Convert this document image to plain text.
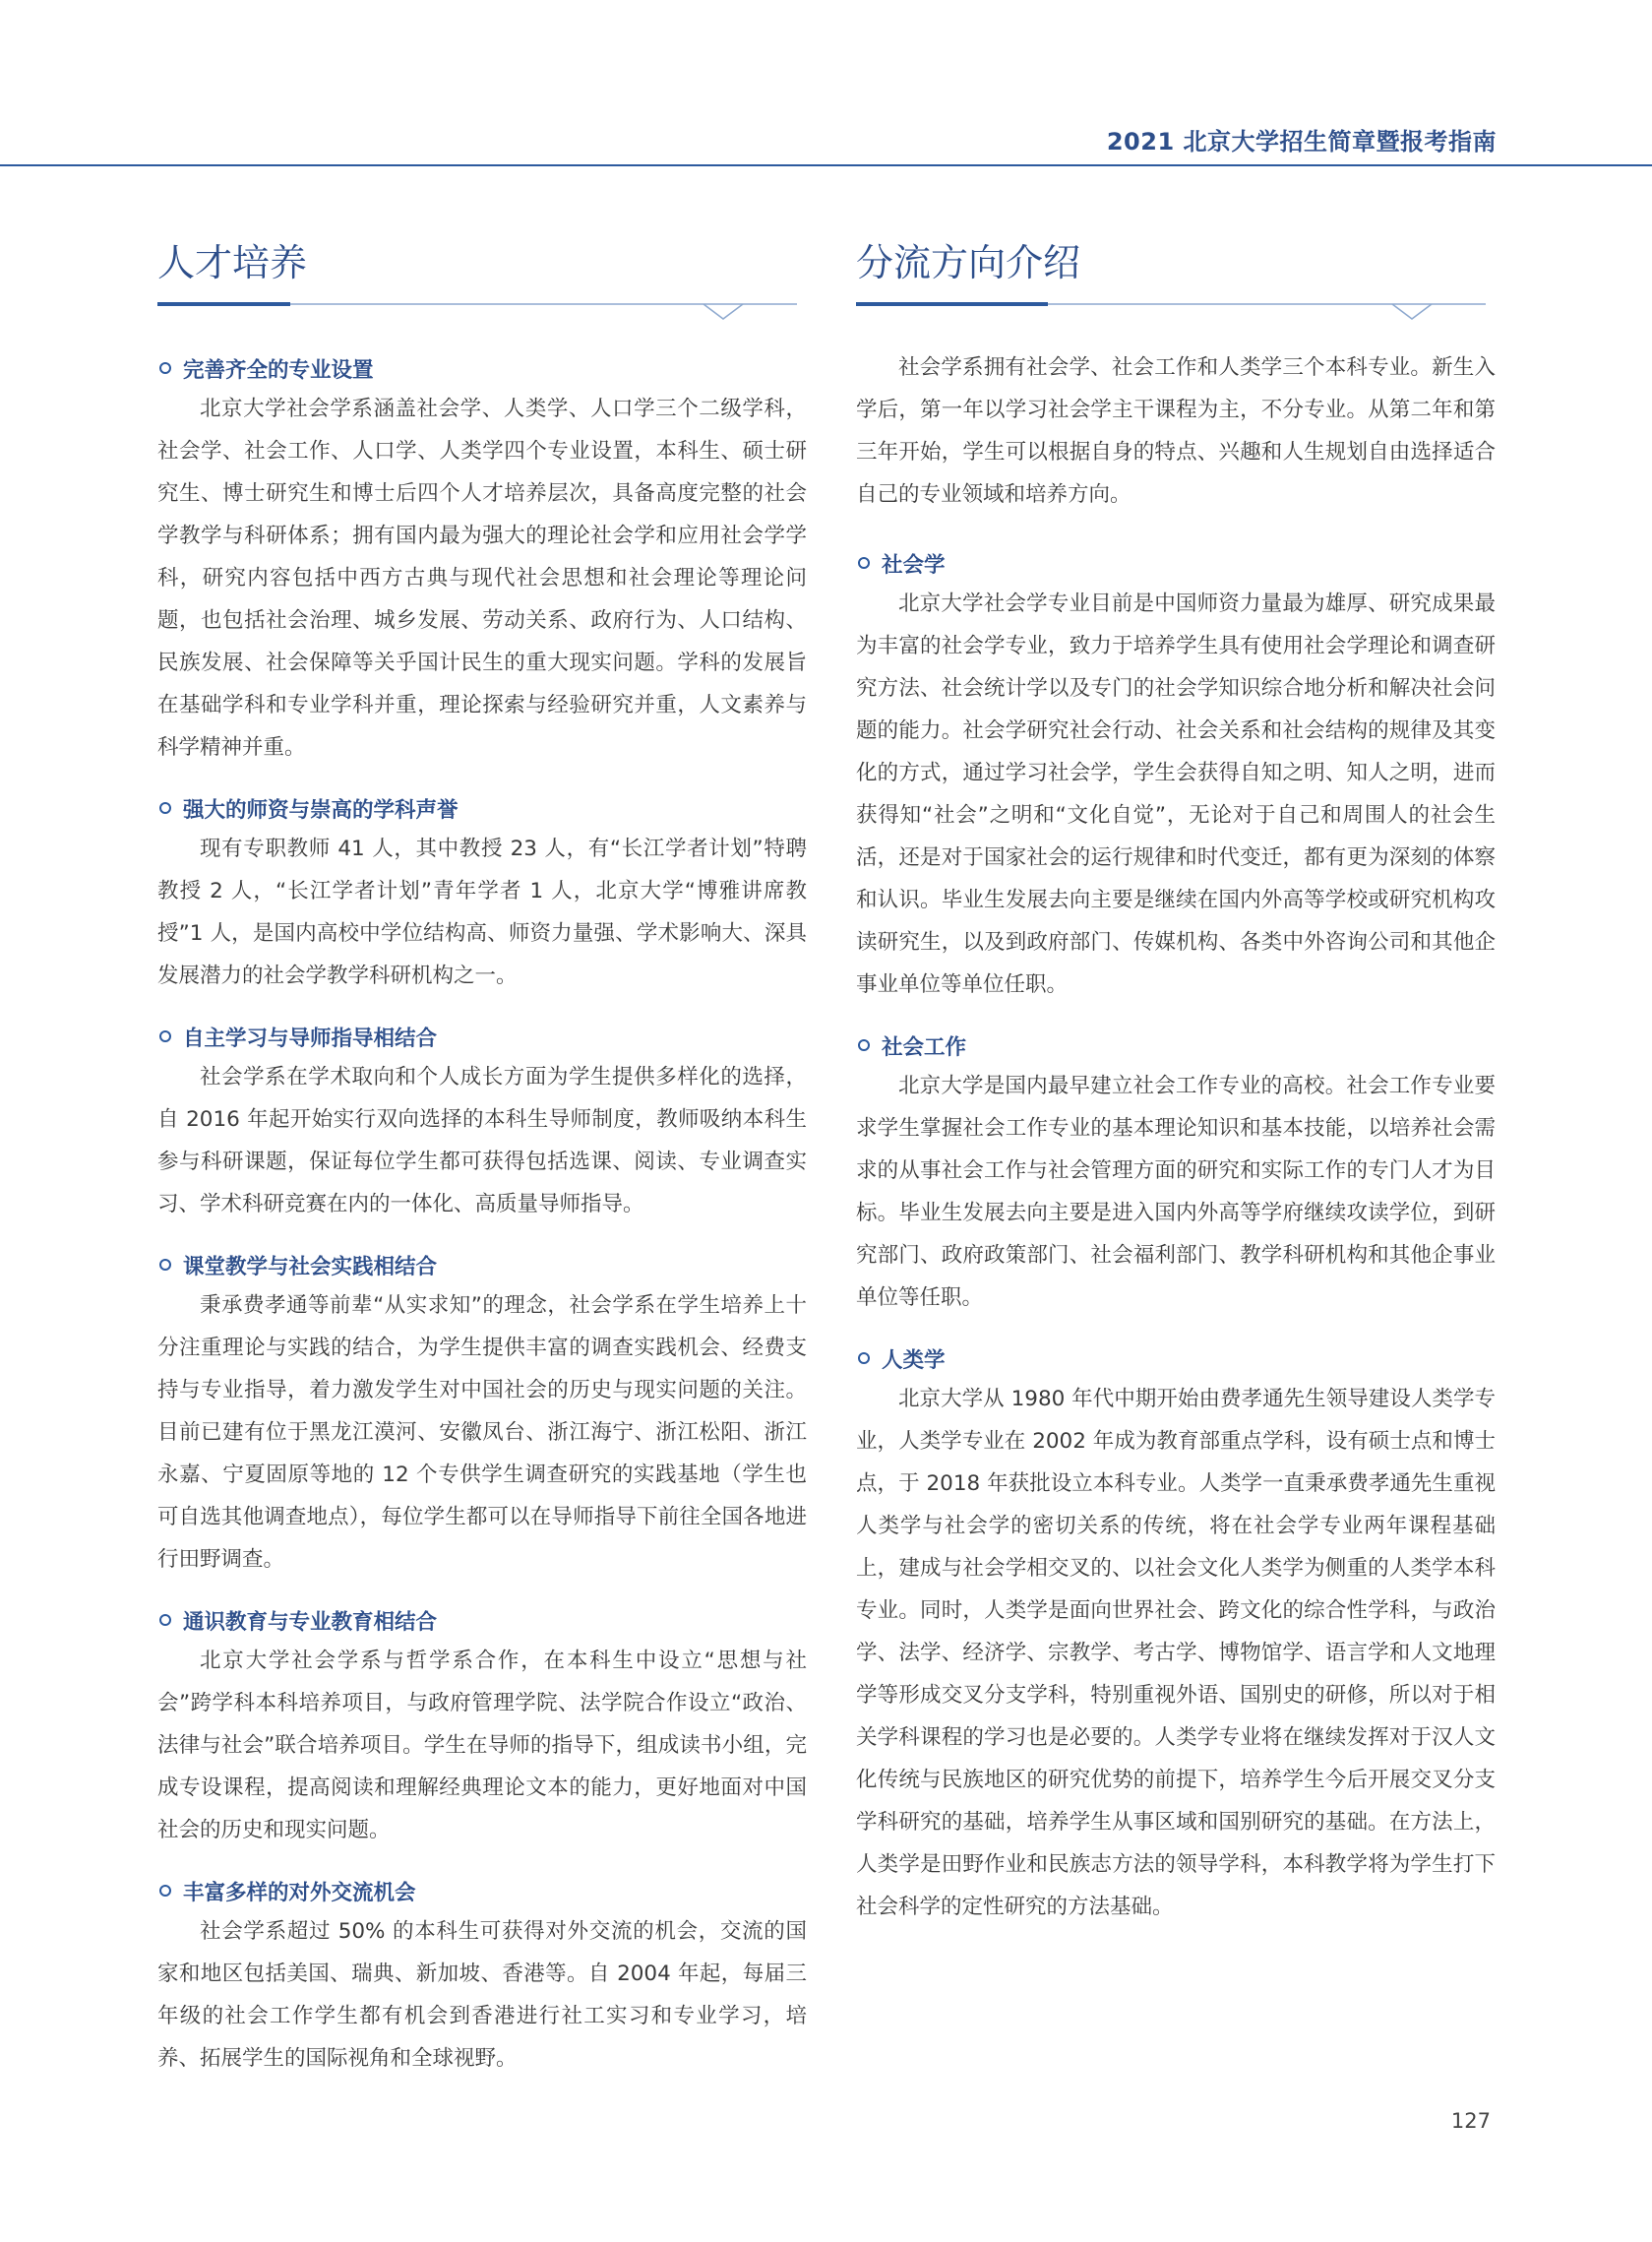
2021 北京大学招生简章暨报考指南
人才培养
完善齐全的专业设置

北京大学社会学系涵盖社会学、人类学、人口学三个二级学科，社会学、社会工作、人口学、人类学四个专业设置，本科生、硕士研究生、博士研究生和博士后四个人才培养层次，具备高度完整的社会学教学与科研体系；拥有国内最为强大的理论社会学和应用社会学学科，研究内容包括中西方古典与现代社会思想和社会理论等理论问题，也包括社会治理、城乡发展、劳动关系、政府行为、人口结构、民族发展、社会保障等关乎国计民生的重大现实问题。学科的发展旨在基础学科和专业学科并重，理论探索与经验研究并重，人文素养与科学精神并重。

强大的师资与崇高的学科声誉

现有专职教师 41 人，其中教授 23 人，有“长江学者计划”特聘教授 2 人，“长江学者计划”青年学者 1 人，北京大学“博雅讲席教授”1 人，是国内高校中学位结构高、师资力量强、学术影响大、深具发展潜力的社会学教学科研机构之一。

自主学习与导师指导相结合

社会学系在学术取向和个人成长方面为学生提供多样化的选择，自 2016 年起开始实行双向选择的本科生导师制度，教师吸纳本科生参与科研课题，保证每位学生都可获得包括选课、阅读、专业调查实习、学术科研竞赛在内的一体化、高质量导师指导。

课堂教学与社会实践相结合

秉承费孝通等前辈“从实求知”的理念，社会学系在学生培养上十分注重理论与实践的结合，为学生提供丰富的调查实践机会、经费支持与专业指导，着力激发学生对中国社会的历史与现实问题的关注。目前已建有位于黑龙江漠河、安徽凤台、浙江海宁、浙江松阳、浙江永嘉、宁夏固原等地的 12 个专供学生调查研究的实践基地（学生也可自选其他调查地点），每位学生都可以在导师指导下前往全国各地进行田野调查。

通识教育与专业教育相结合

北京大学社会学系与哲学系合作，在本科生中设立“思想与社会”跨学科本科培养项目，与政府管理学院、法学院合作设立“政治、法律与社会”联合培养项目。学生在导师的指导下，组成读书小组，完成专设课程，提高阅读和理解经典理论文本的能力，更好地面对中国社会的历史和现实问题。

丰富多样的对外交流机会

社会学系超过 50% 的本科生可获得对外交流的机会，交流的国家和地区包括美国、瑞典、新加坡、香港等。自 2004 年起，每届三年级的社会工作学生都有机会到香港进行社工实习和专业学习，培养、拓展学生的国际视角和全球视野。

分流方向介绍

社会学系拥有社会学、社会工作和人类学三个本科专业。新生入学后，第一年以学习社会学主干课程为主，不分专业。从第二年和第三年开始，学生可以根据自身的特点、兴趣和人生规划自由选择适合自己的专业领域和培养方向。

社会学

北京大学社会学专业目前是中国师资力量最为雄厚、研究成果最为丰富的社会学专业，致力于培养学生具有使用社会学理论和调查研究方法、社会统计学以及专门的社会学知识综合地分析和解决社会问题的能力。社会学研究社会行动、社会关系和社会结构的规律及其变化的方式，通过学习社会学，学生会获得自知之明、知人之明，进而获得知“社会”之明和“文化自觉”，无论对于自己和周围人的社会生活，还是对于国家社会的运行规律和时代变迁，都有更为深刻的体察和认识。毕业生发展去向主要是继续在国内外高等学校或研究机构攻读研究生，以及到政府部门、传媒机构、各类中外咨询公司和其他企事业单位等单位任职。

社会工作

北京大学是国内最早建立社会工作专业的高校。社会工作专业要求学生掌握社会工作专业的基本理论知识和基本技能，以培养社会需求的从事社会工作与社会管理方面的研究和实际工作的专门人才为目标。毕业生发展去向主要是进入国内外高等学府继续攻读学位，到研究部门、政府政策部门、社会福利部门、教学科研机构和其他企事业单位等任职。

人类学

北京大学从 1980 年代中期开始由费孝通先生领导建设人类学专业，人类学专业在 2002 年成为教育部重点学科，设有硕士点和博士点，于 2018 年获批设立本科专业。人类学一直秉承费孝通先生重视人类学与社会学的密切关系的传统，将在社会学专业两年课程基础上，建成与社会学相交叉的、以社会文化人类学为侧重的人类学本科专业。同时，人类学是面向世界社会、跨文化的综合性学科，与政治学、法学、经济学、宗教学、考古学、博物馆学、语言学和人文地理学等形成交叉分支学科，特别重视外语、国别史的研修，所以对于相关学科课程的学习也是必要的。人类学专业将在继续发挥对于汉人文化传统与民族地区的研究优势的前提下，培养学生今后开展交叉分支学科研究的基础，培养学生从事区域和国别研究的基础。在方法上，人类学是田野作业和民族志方法的领导学科，本科教学将为学生打下社会科学的定性研究的方法基础。

127
